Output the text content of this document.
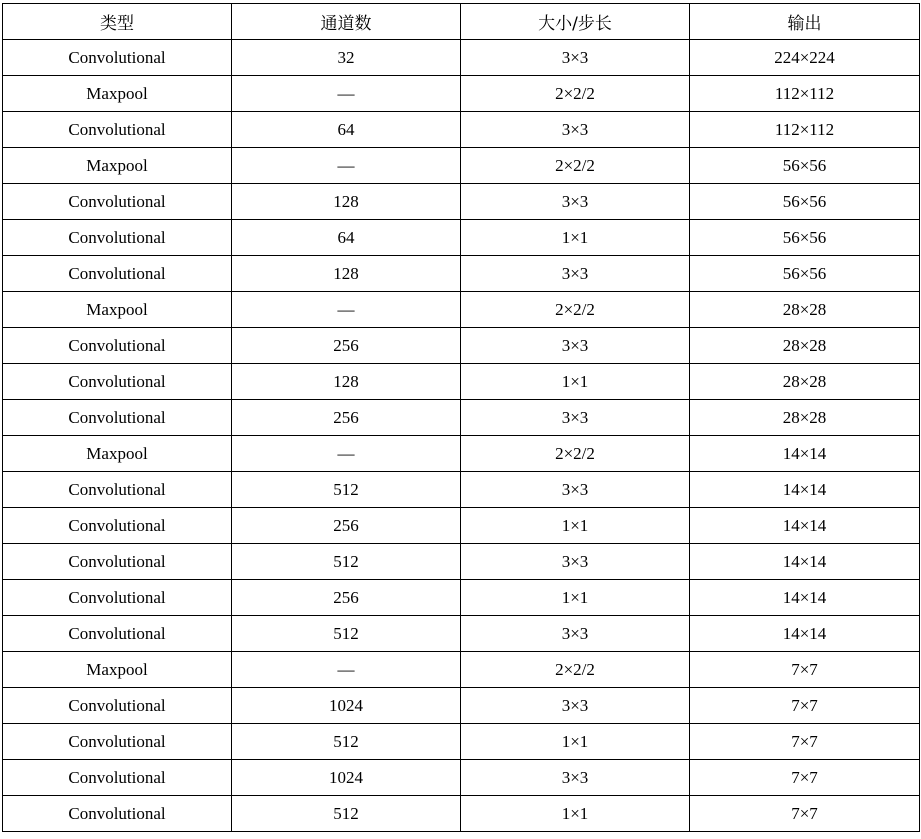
类型	通道数	大小/步长	输出
Convolutional	32	3×3	224×224
Maxpool	—	2×2/2	112×112
Convolutional	64	3×3	112×112
Maxpool	—	2×2/2	56×56
Convolutional	128	3×3	56×56
Convolutional	64	1×1	56×56
Convolutional	128	3×3	56×56
Maxpool	—	2×2/2	28×28
Convolutional	256	3×3	28×28
Convolutional	128	1×1	28×28
Convolutional	256	3×3	28×28
Maxpool	—	2×2/2	14×14
Convolutional	512	3×3	14×14
Convolutional	256	1×1	14×14
Convolutional	512	3×3	14×14
Convolutional	256	1×1	14×14
Convolutional	512	3×3	14×14
Maxpool	—	2×2/2	7×7
Convolutional	1024	3×3	7×7
Convolutional	512	1×1	7×7
Convolutional	1024	3×3	7×7
Convolutional	512	1×1	7×7
